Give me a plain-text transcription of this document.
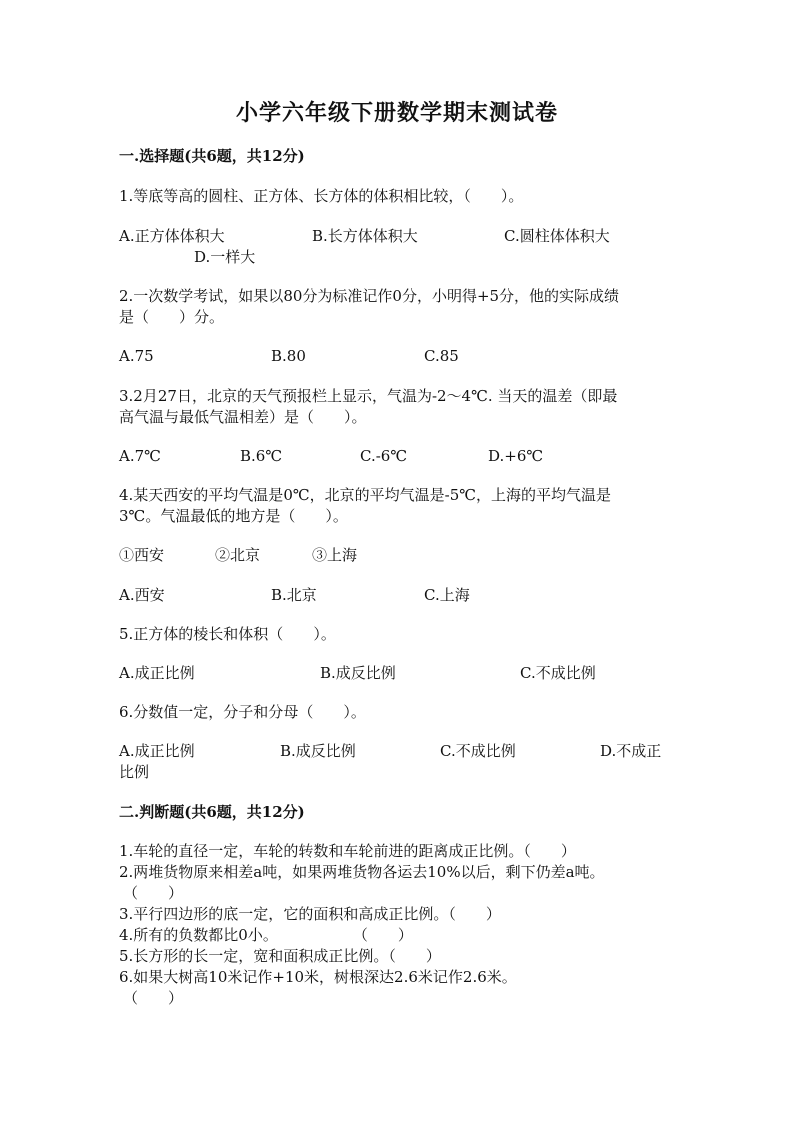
小学六年级下册数学期末测试卷
一.选择题(共6题，共12分)
1.等底等高的圆柱、正方体、长方体的体积相比较，（　　）。
A.正方体体积大	B.长方体体积大	C.圆柱体体积大
D.一样大
2.一次数学考试，如果以80分为标准记作0分，小明得+5分，他的实际成绩
是（　　）分。
A.75	B.80	C.85
3.2月27日，北京的天气预报栏上显示，气温为-2～4℃. 当天的温差（即最
高气温与最低气温相差）是（　　）。
A.7℃	B.6℃	C.-6℃	D.+6℃
4.某天西安的平均气温是0℃，北京的平均气温是-5℃，上海的平均气温是
3℃。气温最低的地方是（　　）。
①西安	②北京	③上海
A.西安	B.北京	C.上海
5.正方体的棱长和体积（　　）。
A.成正比例	B.成反比例	C.不成比例
6.分数值一定，分子和分母（　　）。
A.成正比例	B.成反比例	C.不成比例	D.不成正
比例
二.判断题(共6题，共12分)
1.车轮的直径一定，车轮的转数和车轮前进的距离成正比例。（　　）
2.两堆货物原来相差a吨，如果两堆货物各运去10%以后，剩下仍差a吨。
（　　）
3.平行四边形的底一定，它的面积和高成正比例。（　　）
4.所有的负数都比0小。　　　　　　（　　）
5.长方形的长一定，宽和面积成正比例。（　　）
6.如果大树高10米记作+10米，树根深达2.6米记作2.6米。
（　　）
